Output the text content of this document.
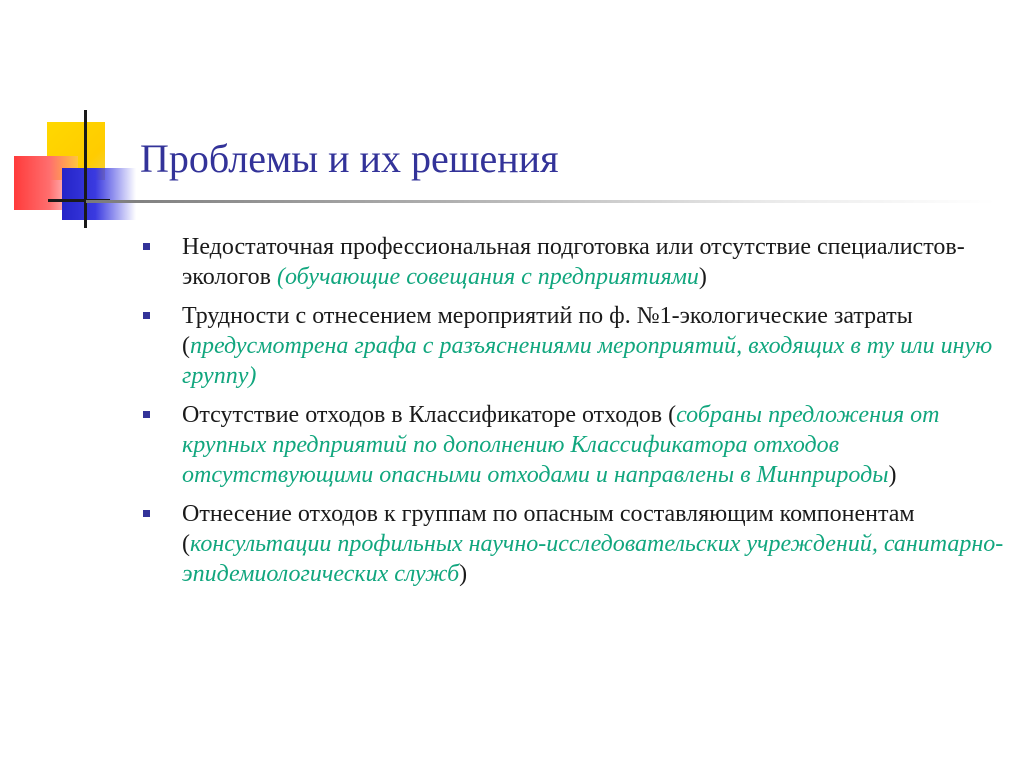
Проблемы и их решения
Недостаточная профессиональная подготовка или отсутствие специалистов-экологов (обучающие совещания с предприятиями)
Трудности с отнесением мероприятий по ф. №1-экологические затраты (предусмотрена графа с разъяснениями мероприятий, входящих в ту или иную группу)
Отсутствие отходов в Классификаторе отходов (собраны предложения от крупных предприятий по дополнению Классификатора отходов отсутствующими опасными отходами и направлены в Минприроды)
Отнесение отходов к группам по опасным составляющим компонентам (консультации профильных научно-исследовательских учреждений, санитарно-эпидемиологических служб)
